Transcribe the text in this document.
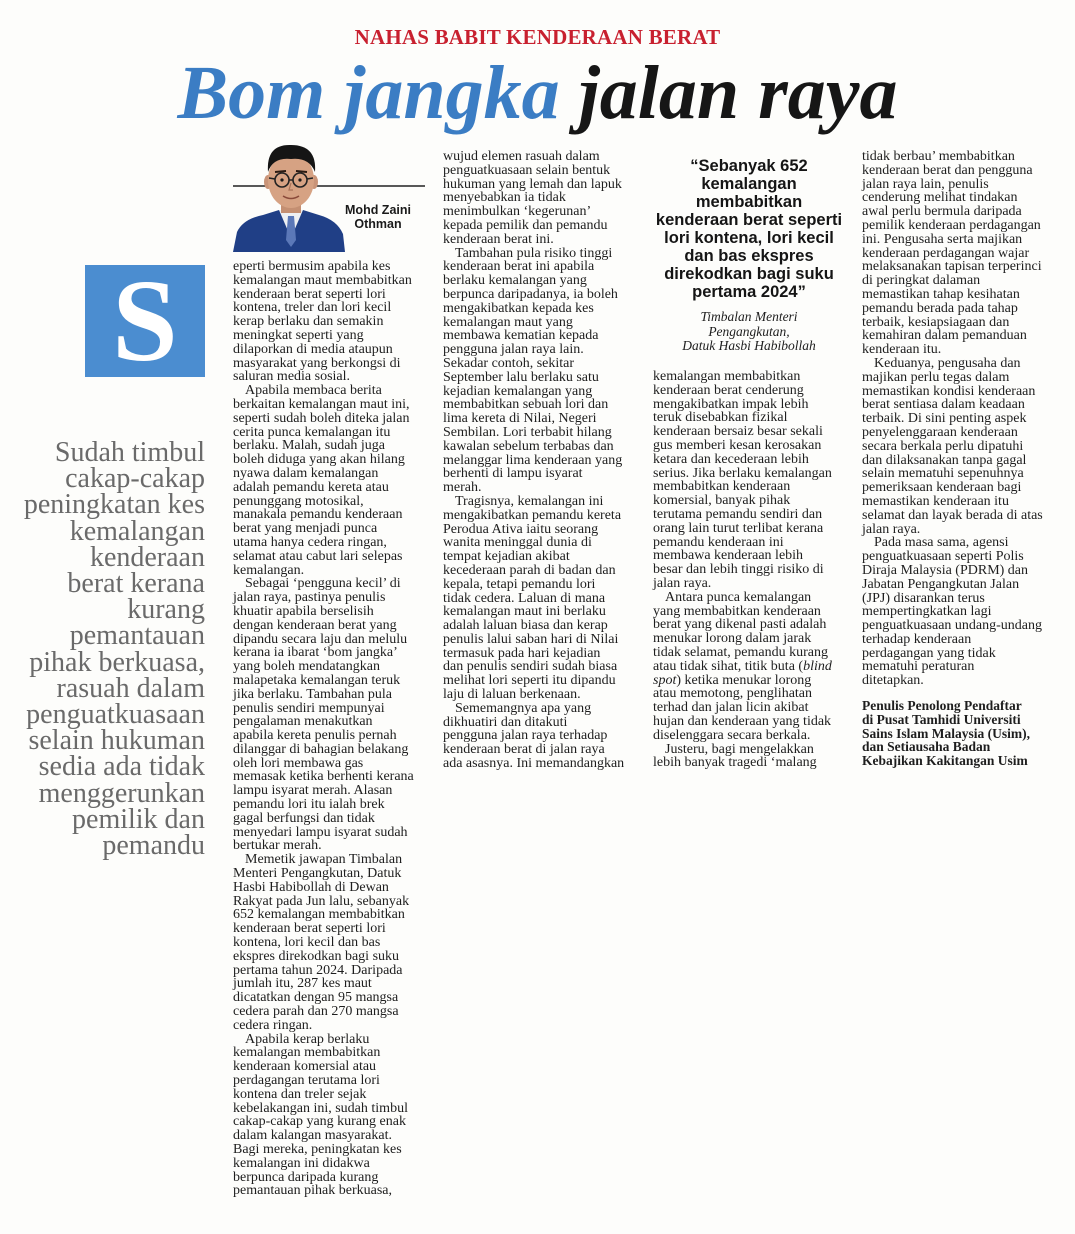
NAHAS BABIT KENDERAAN BERAT
Bom jangka jalan raya
Mohd Zaini
Othman
S
Sudah timbul
cakap-cakap
peningkatan kes
kemalangan
kenderaan
berat kerana
kurang
pemantauan
pihak berkuasa,
rasuah dalam
penguatkuasaan
selain hukuman
sedia ada tidak
menggerunkan
pemilik dan
pemandu
eperti bermusim apabila kes
kemalangan maut membabitkan
kenderaan berat seperti lori
kontena, treler dan lori kecil
kerap berlaku dan semakin
meningkat seperti yang
dilaporkan di media ataupun
masyarakat yang berkongsi di
saluran media sosial.
Apabila membaca berita
berkaitan kemalangan maut ini,
seperti sudah boleh diteka jalan
cerita punca kemalangan itu
berlaku. Malah, sudah juga
boleh diduga yang akan hilang
nyawa dalam kemalangan
adalah pemandu kereta atau
penunggang motosikal,
manakala pemandu kenderaan
berat yang menjadi punca
utama hanya cedera ringan,
selamat atau cabut lari selepas
kemalangan.
Sebagai ‘pengguna kecil’ di
jalan raya, pastinya penulis
khuatir apabila berselisih
dengan kenderaan berat yang
dipandu secara laju dan melulu
kerana ia ibarat ‘bom jangka’
yang boleh mendatangkan
malapetaka kemalangan teruk
jika berlaku. Tambahan pula
penulis sendiri mempunyai
pengalaman menakutkan
apabila kereta penulis pernah
dilanggar di bahagian belakang
oleh lori membawa gas
memasak ketika berhenti kerana
lampu isyarat merah. Alasan
pemandu lori itu ialah brek
gagal berfungsi dan tidak
menyedari lampu isyarat sudah
bertukar merah.
Memetik jawapan Timbalan
Menteri Pengangkutan, Datuk
Hasbi Habibollah di Dewan
Rakyat pada Jun lalu, sebanyak
652 kemalangan membabitkan
kenderaan berat seperti lori
kontena, lori kecil dan bas
ekspres direkodkan bagi suku
pertama tahun 2024. Daripada
jumlah itu, 287 kes maut
dicatatkan dengan 95 mangsa
cedera parah dan 270 mangsa
cedera ringan.
Apabila kerap berlaku
kemalangan membabitkan
kenderaan komersial atau
perdagangan terutama lori
kontena dan treler sejak
kebelakangan ini, sudah timbul
cakap-cakap yang kurang enak
dalam kalangan masyarakat.
Bagi mereka, peningkatan kes
kemalangan ini didakwa
berpunca daripada kurang
pemantauan pihak berkuasa,
wujud elemen rasuah dalam
penguatkuasaan selain bentuk
hukuman yang lemah dan lapuk
menyebabkan ia tidak
menimbulkan ‘kegerunan’
kepada pemilik dan pemandu
kenderaan berat ini.
Tambahan pula risiko tinggi
kenderaan berat ini apabila
berlaku kemalangan yang
berpunca daripadanya, ia boleh
mengakibatkan kepada kes
kemalangan maut yang
membawa kematian kepada
pengguna jalan raya lain.
Sekadar contoh, sekitar
September lalu berlaku satu
kejadian kemalangan yang
membabitkan sebuah lori dan
lima kereta di Nilai, Negeri
Sembilan. Lori terbabit hilang
kawalan sebelum terbabas dan
melanggar lima kenderaan yang
berhenti di lampu isyarat
merah.
Tragisnya, kemalangan ini
mengakibatkan pemandu kereta
Perodua Ativa iaitu seorang
wanita meninggal dunia di
tempat kejadian akibat
kecederaan parah di badan dan
kepala, tetapi pemandu lori
tidak cedera. Laluan di mana
kemalangan maut ini berlaku
adalah laluan biasa dan kerap
penulis lalui saban hari di Nilai
termasuk pada hari kejadian
dan penulis sendiri sudah biasa
melihat lori seperti itu dipandu
laju di laluan berkenaan.
Sememangnya apa yang
dikhuatiri dan ditakuti
pengguna jalan raya terhadap
kenderaan berat di jalan raya
ada asasnya. Ini memandangkan
“Sebanyak 652
kemalangan
membabitkan
kenderaan berat seperti
lori kontena, lori kecil
dan bas ekspres
direkodkan bagi suku
pertama 2024”
Timbalan Menteri
Pengangkutan,
Datuk Hasbi Habibollah
kemalangan membabitkan
kenderaan berat cenderung
mengakibatkan impak lebih
teruk disebabkan fizikal
kenderaan bersaiz besar sekali
gus memberi kesan kerosakan
ketara dan kecederaan lebih
serius. Jika berlaku kemalangan
membabitkan kenderaan
komersial, banyak pihak
terutama pemandu sendiri dan
orang lain turut terlibat kerana
pemandu kenderaan ini
membawa kenderaan lebih
besar dan lebih tinggi risiko di
jalan raya.
Antara punca kemalangan
yang membabitkan kenderaan
berat yang dikenal pasti adalah
menukar lorong dalam jarak
tidak selamat, pemandu kurang
atau tidak sihat, titik buta (blind
spot) ketika menukar lorong
atau memotong, penglihatan
terhad dan jalan licin akibat
hujan dan kenderaan yang tidak
diselenggara secara berkala.
Justeru, bagi mengelakkan
lebih banyak tragedi ‘malang
tidak berbau’ membabitkan
kenderaan berat dan pengguna
jalan raya lain, penulis
cenderung melihat tindakan
awal perlu bermula daripada
pemilik kenderaan perdagangan
ini. Pengusaha serta majikan
kenderaan perdagangan wajar
melaksanakan tapisan terperinci
di peringkat dalaman
memastikan tahap kesihatan
pemandu berada pada tahap
terbaik, kesiapsiagaan dan
kemahiran dalam pemanduan
kenderaan itu.
Keduanya, pengusaha dan
majikan perlu tegas dalam
memastikan kondisi kenderaan
berat sentiasa dalam keadaan
terbaik. Di sini penting aspek
penyelenggaraan kenderaan
secara berkala perlu dipatuhi
dan dilaksanakan tanpa gagal
selain mematuhi sepenuhnya
pemeriksaan kenderaan bagi
memastikan kenderaan itu
selamat dan layak berada di atas
jalan raya.
Pada masa sama, agensi
penguatkuasaan seperti Polis
Diraja Malaysia (PDRM) dan
Jabatan Pengangkutan Jalan
(JPJ) disarankan terus
mempertingkatkan lagi
penguatkuasaan undang-undang
terhadap kenderaan
perdagangan yang tidak
mematuhi peraturan
ditetapkan.
Penulis Penolong Pendaftar
di Pusat Tamhidi Universiti
Sains Islam Malaysia (Usim),
dan Setiausaha Badan
Kebajikan Kakitangan Usim
